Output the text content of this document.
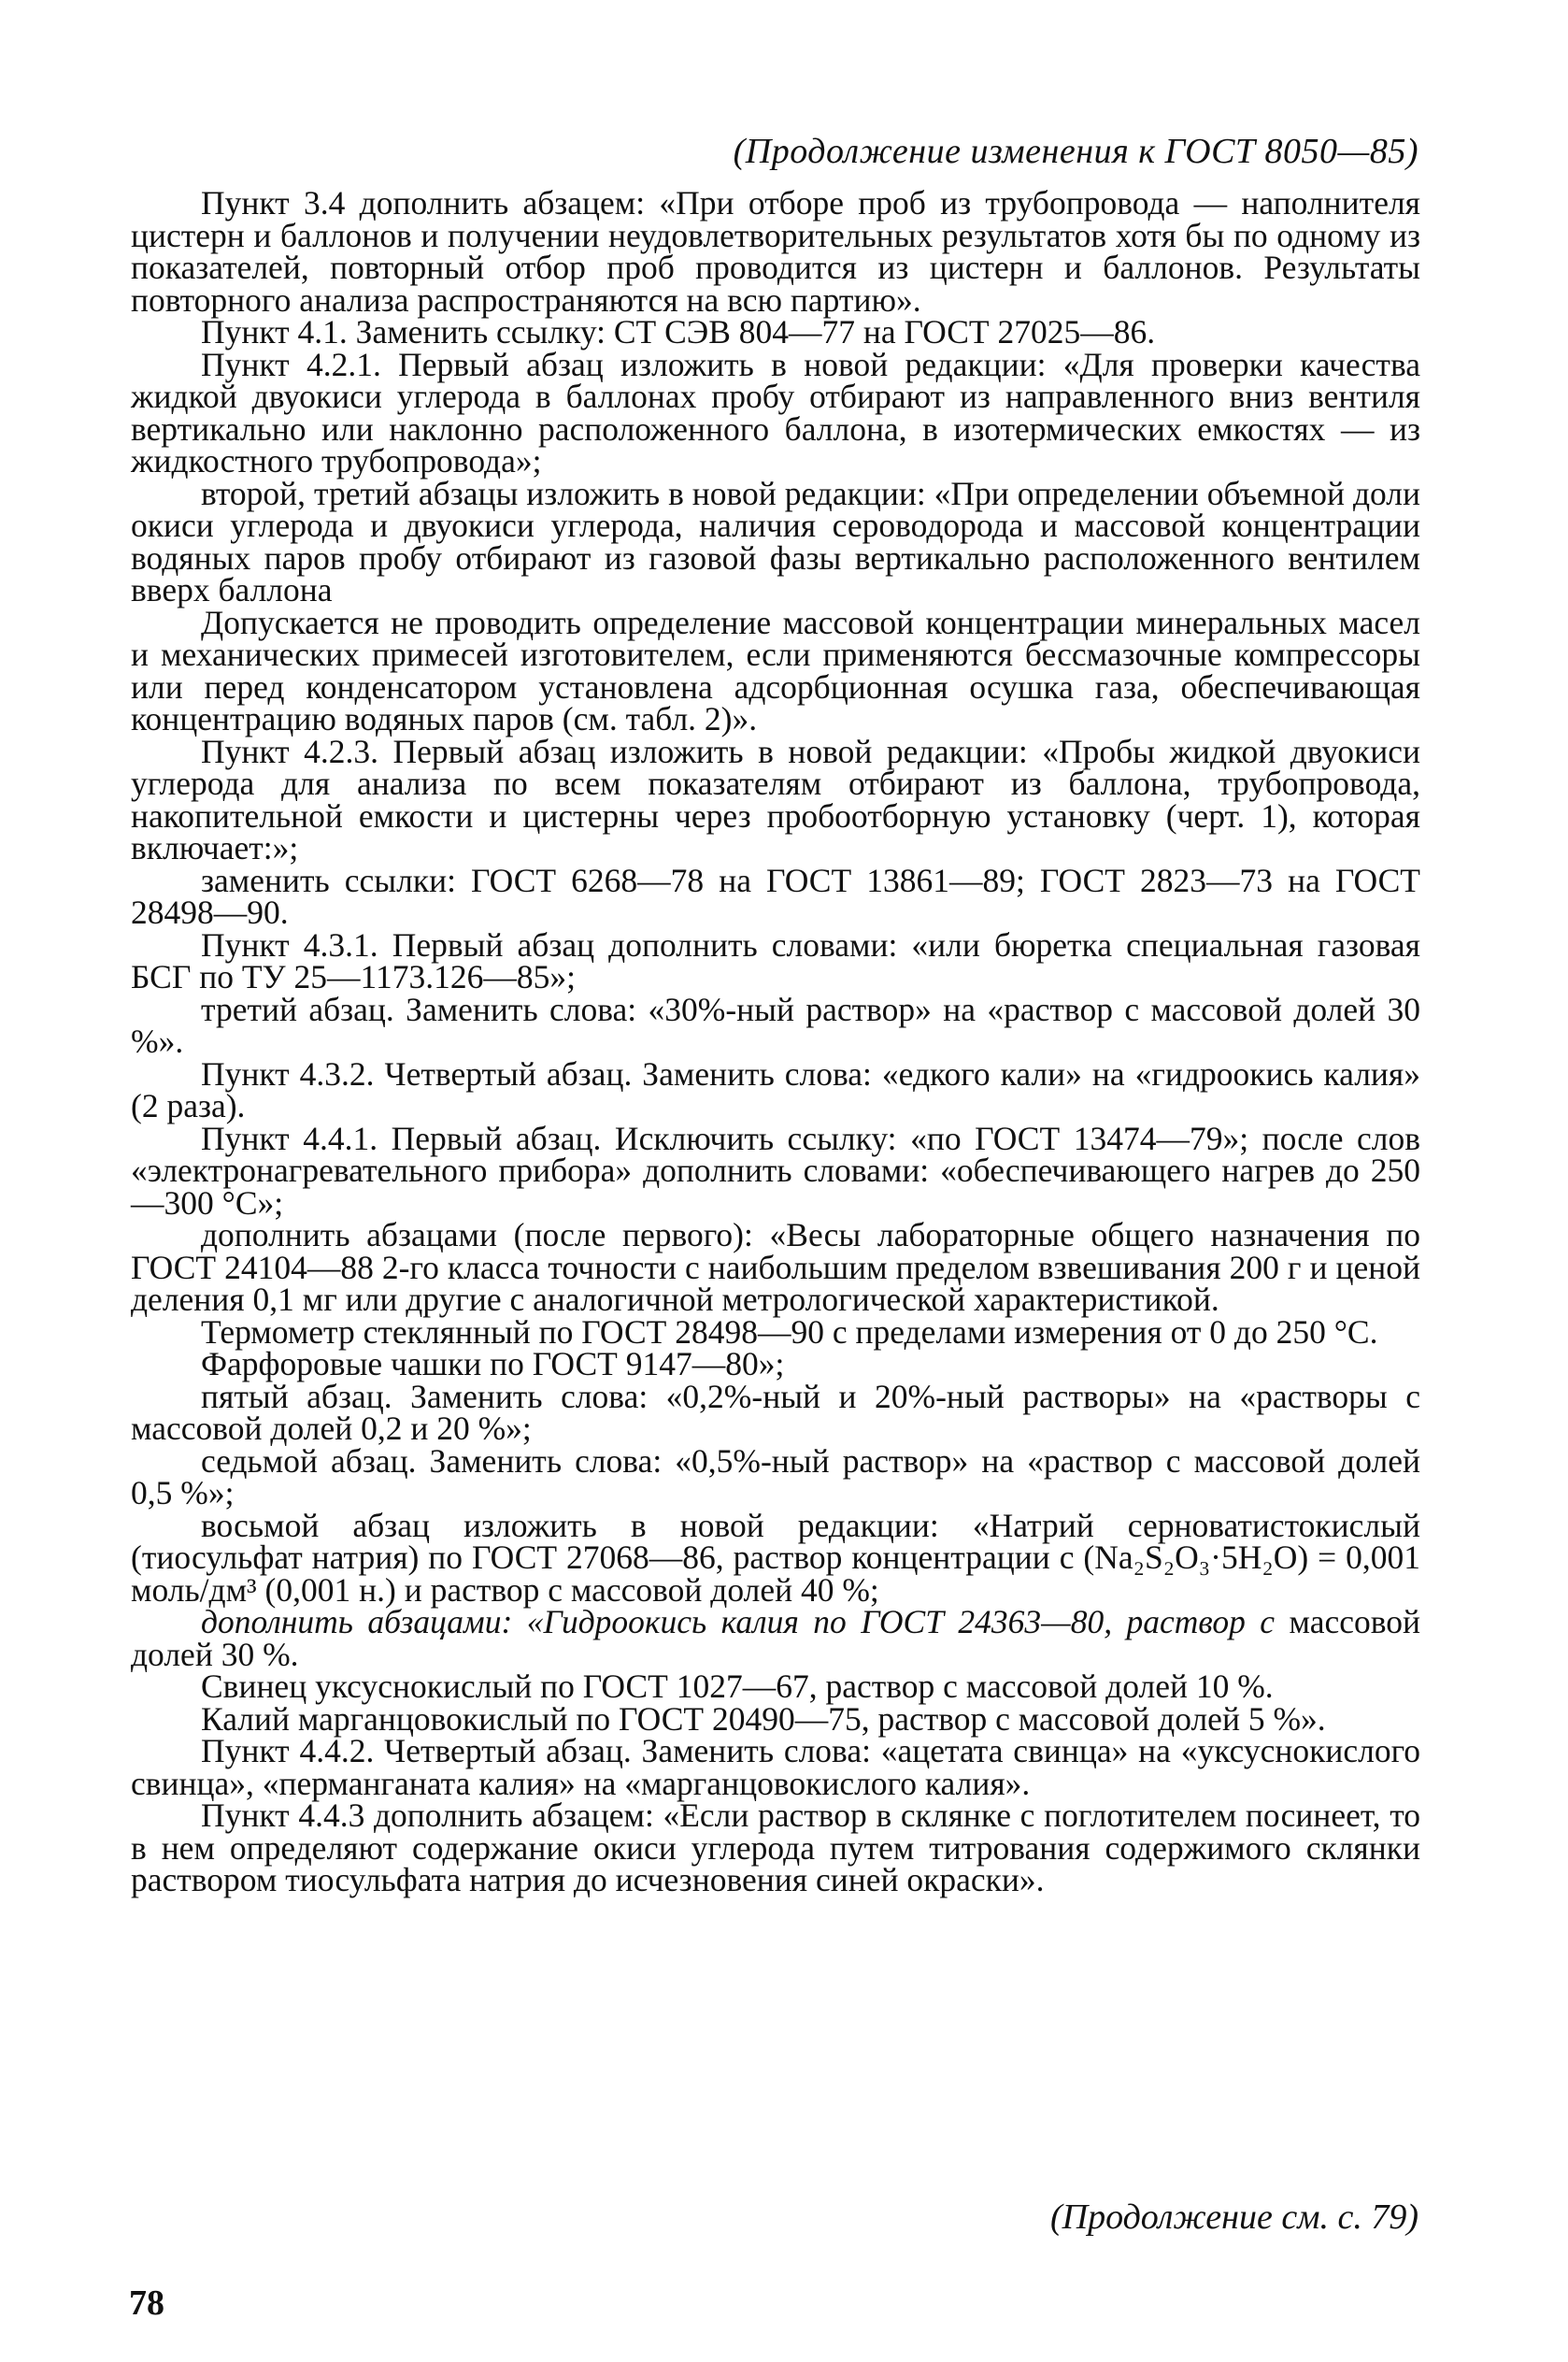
(Продолжение изменения к ГОСТ 8050—85)

Пункт 3.4 дополнить абзацем: «При отборе проб из трубопровода — наполнителя цистерн и баллонов и получении неудовлетворительных результатов хотя бы по одному из показателей, повторный отбор проб проводится из цистерн и баллонов. Результаты повторного анализа распространяются на всю партию».

Пункт 4.1. Заменить ссылку: СТ СЭВ 804—77 на ГОСТ 27025—86.

Пункт 4.2.1. Первый абзац изложить в новой редакции: «Для проверки качества жидкой двуокиси углерода в баллонах пробу отбирают из направленного вниз вентиля вертикально или наклонно расположенного баллона, в изотермических емкостях — из жидкостного трубопровода»;

второй, третий абзацы изложить в новой редакции: «При определении объемной доли окиси углерода и двуокиси углерода, наличия сероводорода и массовой концентрации водяных паров пробу отбирают из газовой фазы вертикально расположенного вентилем вверх баллона

Допускается не проводить определение массовой концентрации минеральных масел и механических примесей изготовителем, если применяются бессмазочные компрессоры или перед конденсатором установлена адсорбционная осушка газа, обеспечивающая концентрацию водяных паров (см. табл. 2)».

Пункт 4.2.3. Первый абзац изложить в новой редакции: «Пробы жидкой двуокиси углерода для анализа по всем показателям отбирают из баллона, трубопровода, накопительной емкости и цистерны через пробоотборную установку (черт. 1), которая включает:»;

заменить ссылки: ГОСТ 6268—78 на ГОСТ 13861—89; ГОСТ 2823—73 на ГОСТ 28498—90.

Пункт 4.3.1. Первый абзац дополнить словами: «или бюретка специальная газовая БСГ по ТУ 25—1173.126—85»;

третий абзац. Заменить слова: «30%-ный раствор» на «раствор с массовой долей 30 %».

Пункт 4.3.2. Четвертый абзац. Заменить слова: «едкого кали» на «гидроокись калия» (2 раза).

Пункт 4.4.1. Первый абзац. Исключить ссылку: «по ГОСТ 13474—79»; после слов «электронагревательного прибора» дополнить словами: «обеспечивающего нагрев до 250—300 °С»;

дополнить абзацами (после первого): «Весы лабораторные общего назначения по ГОСТ 24104—88 2-го класса точности с наибольшим пределом взвешивания 200 г и ценой деления 0,1 мг или другие с аналогичной метрологической характеристикой.

Термометр стеклянный по ГОСТ 28498—90 с пределами измерения от 0 до 250 °С.

Фарфоровые чашки по ГОСТ 9147—80»;

пятый абзац. Заменить слова: «0,2%-ный и 20%-ный растворы» на «растворы с массовой долей 0,2 и 20 %»;

седьмой абзац. Заменить слова: «0,5%-ный раствор» на «раствор с массовой долей 0,5 %»;

восьмой абзац изложить в новой редакции: «Натрий серноватистокислый (тиосульфат натрия) по ГОСТ 27068—86, раствор концентрации с (Na₂S₂O₃·5H₂O) = 0,001 моль/дм³ (0,001 н.) и раствор с массовой долей 40 %;

дополнить абзацами: «Гидроокись калия по ГОСТ 24363—80, раствор с массовой долей 30 %.

Свинец уксуснокислый по ГОСТ 1027—67, раствор с массовой долей 10 %.

Калий марганцовокислый по ГОСТ 20490—75, раствор с массовой долей 5 %».

Пункт 4.4.2. Четвертый абзац. Заменить слова: «ацетата свинца» на «уксуснокислого свинца», «перманганата калия» на «марганцовокислого калия».

Пункт 4.4.3 дополнить абзацем: «Если раствор в склянке с поглотителем посинеет, то в нем определяют содержание окиси углерода путем титрования содержимого склянки раствором тиосульфата натрия до исчезновения синей окраски».

(Продолжение см. с. 79)
78
